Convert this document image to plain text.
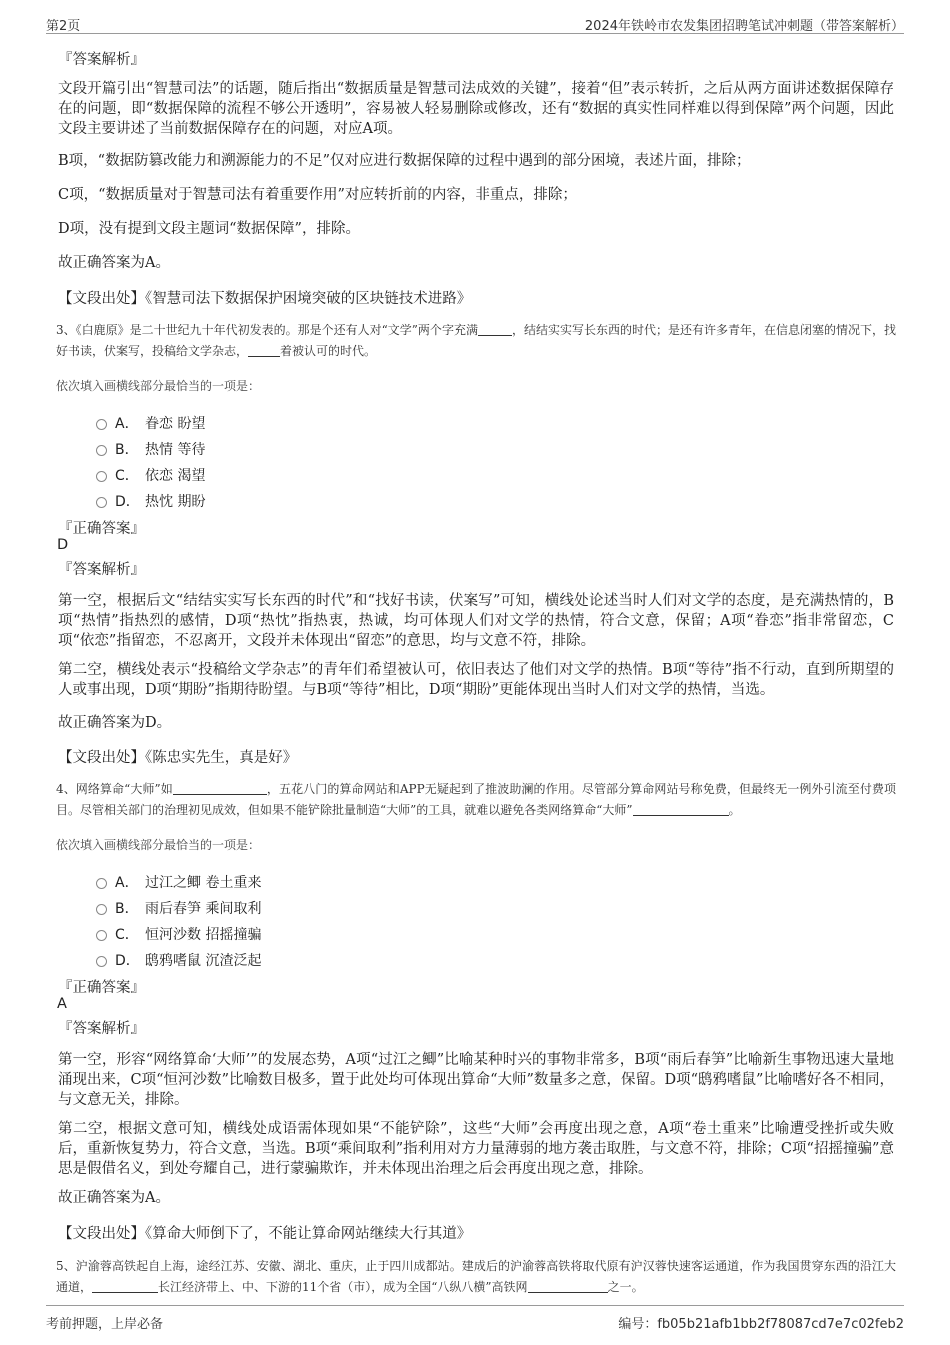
第2页	2024年铁岭市农发集团招聘笔试冲刺题（带答案解析）
『答案解析』
文段开篇引出“智慧司法”的话题，随后指出“数据质量是智慧司法成效的关键”，接着“但”表示转折，之后从两方面讲述数据保障存在的问题，即“数据保障的流程不够公开透明”，容易被人轻易删除或修改，还有“数据的真实性同样难以得到保障”两个问题，因此文段主要讲述了当前数据保障存在的问题，对应A项。
B项，“数据防篡改能力和溯源能力的不足”仅对应进行数据保障的过程中遇到的部分困境，表述片面，排除；
C项，“数据质量对于智慧司法有着重要作用”对应转折前的内容，非重点，排除；
D项，没有提到文段主题词“数据保障”，排除。
故正确答案为A。
【文段出处】《智慧司法下数据保护困境突破的区块链技术进路》
3、《白鹿原》是二十世纪九十年代初发表的。那是个还有人对“文学”两个字充满	，结结实实写长东西的时代；是还有许多青年，在信息闭塞的情况下，找好书读，伏案写，投稿给文学杂志，	着被认可的时代。
依次填入画横线部分最恰当的一项是：
A． 眷恋 盼望
B． 热情 等待
C． 依恋 渴望
D． 热忱 期盼
『正确答案』
D
『答案解析』
第一空，根据后文“结结实实写长东西的时代”和“找好书读，伏案写”可知，横线处论述当时人们对文学的态度，是充满热情的，B项“热情”指热烈的感情，D项“热忱”指热衷，热诚，均可体现人们对文学的热情，符合文意，保留；A项“眷恋”指非常留恋，C项“依恋”指留恋，不忍离开，文段并未体现出“留恋”的意思，均与文意不符，排除。
第二空，横线处表示“投稿给文学杂志”的青年们希望被认可，依旧表达了他们对文学的热情。B项“等待”指不行动，直到所期望的人或事出现，D项“期盼”指期待盼望。与B项“等待”相比，D项“期盼”更能体现出当时人们对文学的热情，当选。
故正确答案为D。
【文段出处】《陈忠实先生，真是好》
4、网络算命“大师”如	，五花八门的算命网站和APP无疑起到了推波助澜的作用。尽管部分算命网站号称免费，但最终无一例外引流至付费项目。尽管相关部门的治理初见成效，但如果不能铲除批量制造“大师”的工具，就难以避免各类网络算命“大师”	。
依次填入画横线部分最恰当的一项是：
A． 过江之鲫 卷土重来
B． 雨后春笋 乘间取利
C． 恒河沙数 招摇撞骗
D． 鸱鸦嗜鼠 沉渣泛起
『正确答案』
A
『答案解析』
第一空，形容“网络算命‘大师’”的发展态势，A项“过江之鲫”比喻某种时兴的事物非常多，B项“雨后春笋”比喻新生事物迅速大量地涌现出来，C项“恒河沙数”比喻数目极多，置于此处均可体现出算命“大师”数量多之意，保留。D项“鸱鸦嗜鼠”比喻嗜好各不相同，与文意无关，排除。
第二空，根据文意可知，横线处成语需体现如果“不能铲除”，这些“大师”会再度出现之意，A项“卷土重来”比喻遭受挫折或失败后，重新恢复势力，符合文意，当选。B项“乘间取利”指利用对方力量薄弱的地方袭击取胜，与文意不符，排除；C项“招摇撞骗”意思是假借名义，到处夸耀自己，进行蒙骗欺诈，并未体现出治理之后会再度出现之意，排除。
故正确答案为A。
【文段出处】《算命大师倒下了，不能让算命网站继续大行其道》
5、沪渝蓉高铁起自上海，途经江苏、安徽、湖北、重庆，止于四川成都站。建成后的沪渝蓉高铁将取代原有沪汉蓉快速客运通道，作为我国贯穿东西的沿江大通道，	长江经济带上、中、下游的11个省（市），成为全国“八纵八横”高铁网	之一。
考前押题，上岸必备	编号：fb05b21afb1bb2f78087cd7e7c02feb2
